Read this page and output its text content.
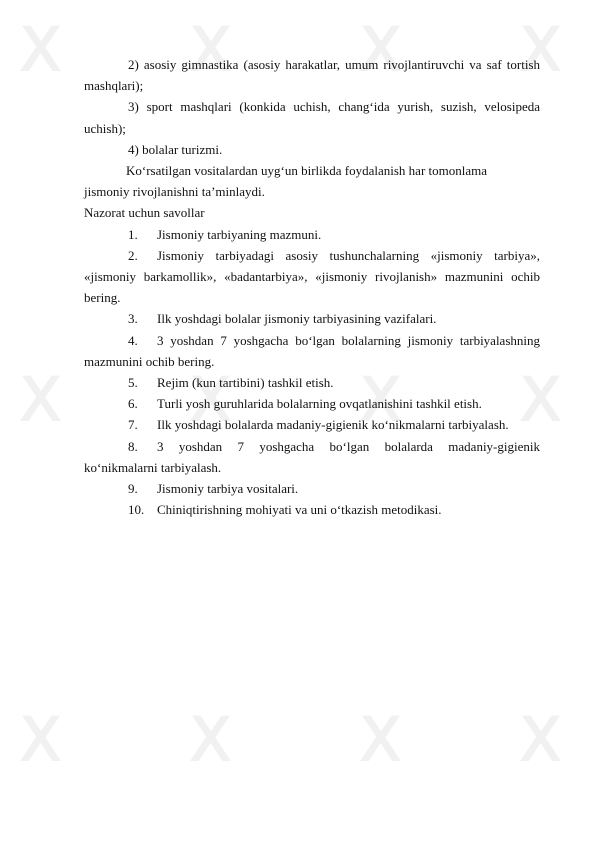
Ⅹ Ⅹ Ⅹ Ⅹ
Ⅹ Ⅹ Ⅹ Ⅹ
Ⅹ Ⅹ Ⅹ Ⅹ

2) asosiy gimnastika (asosiy harakatlar, umum rivojlantiruvchi va saf tortish mashqlari);

3) sport mashqlari (konkida uchish, chang‘ida yurish, suzish, velosipeda uchish);

4) bolalar turizmi.

Ko‘rsatilgan vositalardan uyg‘un birlikda foydalanish har tomonlama

jismoniy rivojlanishni ta’minlaydi.

Nazorat uchun savollar

1. Jismoniy tarbiyaning mazmuni.

2. Jismoniy tarbiyadagi asosiy tushunchalarning «jismoniy tarbiya», «jismoniy barkamollik», «badantarbiya», «jismoniy rivojlanish» mazmunini ochib bering.

3. Ilk yoshdagi bolalar jismoniy tarbiyasining vazifalari.

4. 3 yoshdan 7 yoshgacha bo‘lgan bolalarning jismoniy tarbiyalashning mazmunini ochib bering.

5. Rejim (kun tartibini) tashkil etish.

6. Turli yosh guruhlarida bolalarning ovqatlanishini tashkil etish.

7. Ilk yoshdagi bolalarda madaniy-gigienik ko‘nikmalarni tarbiyalash.

8. 3 yoshdan 7 yoshgacha bo‘lgan bolalarda madaniy-gigienik ko‘nikmalarni tarbiyalash.

9. Jismoniy tarbiya vositalari.

10. Chiniqtirishning mohiyati va uni o‘tkazish metodikasi.
